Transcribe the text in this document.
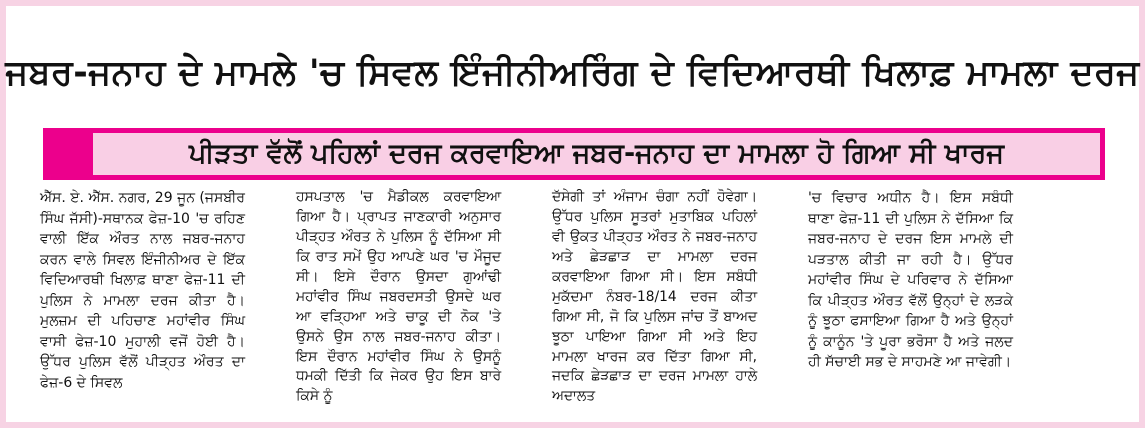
ਜਬਰ-ਜਨਾਹ ਦੇ ਮਾਮਲੇ 'ਚ ਸਿਵਲ ਇੰਜੀਨੀਅਰਿੰਗ ਦੇ ਵਿਦਿਆਰਥੀ ਖਿਲਾਫ਼ ਮਾਮਲਾ ਦਰਜ
ਪੀੜਤਾ ਵੱਲੋਂ ਪਹਿਲਾਂ ਦਰਜ ਕਰਵਾਇਆ ਜਬਰ-ਜਨਾਹ ਦਾ ਮਾਮਲਾ ਹੋ ਗਿਆ ਸੀ ਖਾਰਜ

ਐੱਸ. ਏ. ਐੱਸ. ਨਗਰ, 29 ਜੂਨ (ਜਸਬੀਰ ਸਿੰਘ ਜੱਸੀ)-ਸਥਾਨਕ ਫੇਜ਼-10 'ਚ ਰਹਿਣ ਵਾਲੀ ਇੱਕ ਔਰਤ ਨਾਲ ਜਬਰ-ਜਨਾਹ ਕਰਨ ਵਾਲੇ ਸਿਵਲ ਇੰਜੀਨੀਅਰ ਦੇ ਇੱਕ ਵਿਦਿਆਰਥੀ ਖਿਲਾਫ਼ ਥਾਣਾ ਫੇਜ਼-11 ਦੀ ਪੁਲਿਸ ਨੇ ਮਾਮਲਾ ਦਰਜ ਕੀਤਾ ਹੈ। ਮੁਲਜ਼ਮ ਦੀ ਪਹਿਚਾਣ ਮਹਾਂਵੀਰ ਸਿੰਘ ਵਾਸੀ ਫੇਜ਼-10 ਮੁਹਾਲੀ ਵਜੋਂ ਹੋਈ ਹੈ। ਉੱਧਰ ਪੁਲਿਸ ਵੱਲੋਂ ਪੀੜ੍ਹਤ ਔਰਤ ਦਾ ਫੇਜ਼-6 ਦੇ ਸਿਵਲ

ਹਸਪਤਾਲ 'ਚ ਮੈਡੀਕਲ ਕਰਵਾਇਆ ਗਿਆ ਹੈ। ਪ੍ਰਾਪਤ ਜਾਣਕਾਰੀ ਅਨੁਸਾਰ ਪੀੜ੍ਹਤ ਔਰਤ ਨੇ ਪੁਲਿਸ ਨੂੰ ਦੱਸਿਆ ਸੀ ਕਿ ਰਾਤ ਸਮੇਂ ਉਹ ਆਪਣੇ ਘਰ 'ਚ ਮੌਜੂਦ ਸੀ। ਇਸੇ ਦੌਰਾਨ ਉਸਦਾ ਗੁਆਂਢੀ ਮਹਾਂਵੀਰ ਸਿੰਘ ਜਬਰਦਸਤੀ ਉਸਦੇ ਘਰ ਆ ਵੜ੍ਹਿਆ ਅਤੇ ਚਾਕੂ ਦੀ ਨੋਕ 'ਤੇ ਉਸਨੇ ਉਸ ਨਾਲ ਜਬਰ-ਜਨਾਹ ਕੀਤਾ। ਇਸ ਦੌਰਾਨ ਮਹਾਂਵੀਰ ਸਿੰਘ ਨੇ ਉਸਨੂੰ ਧਮਕੀ ਦਿੱਤੀ ਕਿ ਜੇਕਰ ਉਹ ਇਸ ਬਾਰੇ ਕਿਸੇ ਨੂੰ

ਦੱਸੇਗੀ ਤਾਂ ਅੰਜਾਮ ਚੰਗਾ ਨਹੀਂ ਹੋਵੇਗਾ। ਉੱਧਰ ਪੁਲਿਸ ਸੂਤਰਾਂ ਮੁਤਾਬਿਕ ਪਹਿਲਾਂ ਵੀ ਉਕਤ ਪੀੜ੍ਹਤ ਔਰਤ ਨੇ ਜਬਰ-ਜਨਾਹ ਅਤੇ ਛੇੜਛਾੜ ਦਾ ਮਾਮਲਾ ਦਰਜ ਕਰਵਾਇਆ ਗਿਆ ਸੀ। ਇਸ ਸਬੰਧੀ ਮੁਕੱਦਮਾ ਨੰਬਰ-18/14 ਦਰਜ ਕੀਤਾ ਗਿਆ ਸੀ, ਜੋ ਕਿ ਪੁਲਿਸ ਜਾਂਚ ਤੋਂ ਬਾਅਦ ਝੂਠਾ ਪਾਇਆ ਗਿਆ ਸੀ ਅਤੇ ਇਹ ਮਾਮਲਾ ਖਾਰਜ ਕਰ ਦਿੱਤਾ ਗਿਆ ਸੀ, ਜਦਕਿ ਛੇੜਛਾੜ ਦਾ ਦਰਜ ਮਾਮਲਾ ਹਾਲੇ ਅਦਾਲਤ

'ਚ ਵਿਚਾਰ ਅਧੀਨ ਹੈ। ਇਸ ਸਬੰਧੀ ਥਾਣਾ ਫੇਜ਼-11 ਦੀ ਪੁਲਿਸ ਨੇ ਦੱਸਿਆ ਕਿ ਜਬਰ-ਜਨਾਹ ਦੇ ਦਰਜ ਇਸ ਮਾਮਲੇ ਦੀ ਪੜਤਾਲ ਕੀਤੀ ਜਾ ਰਹੀ ਹੈ। ਉੱਧਰ ਮਹਾਂਵੀਰ ਸਿੰਘ ਦੇ ਪਰਿਵਾਰ ਨੇ ਦੱਸਿਆ ਕਿ ਪੀੜ੍ਹਤ ਔਰਤ ਵੱਲੋਂ ਉਨ੍ਹਾਂ ਦੇ ਲੜਕੇ ਨੂੰ ਝੂਠਾ ਫਸਾਇਆ ਗਿਆ ਹੈ ਅਤੇ ਉਨ੍ਹਾਂ ਨੂੰ ਕਾਨੂੰਨ 'ਤੇ ਪੂਰਾ ਭਰੋਸਾ ਹੈ ਅਤੇ ਜਲਦ ਹੀ ਸੱਚਾਈ ਸਭ ਦੇ ਸਾਹਮਣੇ ਆ ਜਾਵੇਗੀ।
